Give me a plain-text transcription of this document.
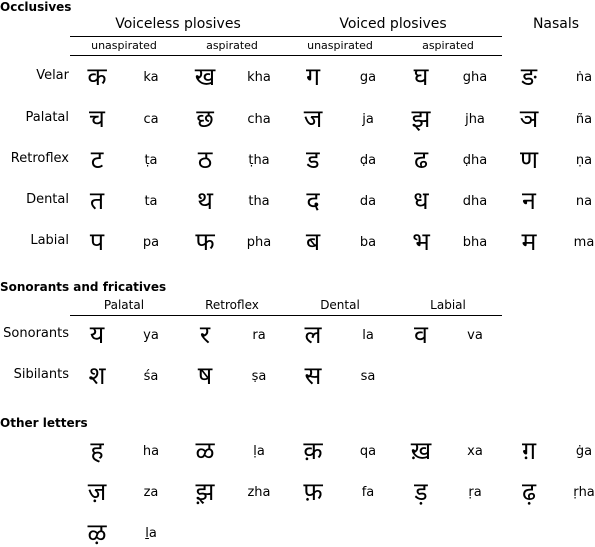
Occlusives
Voiceless plosives	Voiced plosives	Nasals
unaspirated	aspirated	unaspirated	aspirated
Velar क	ka	ख	kha	ग	ga	घ	gha	ङ	ṅa
Palatal च	ca	छ	cha	ज	ja	झ	jha	ञ	ña
Retroflex ट	ṭa	ठ	ṭha	ड	ḍa	ढ	ḍha	ण	ṇa
Dental त	ta	थ	tha	द	da	ध	dha	न	na
Labial प	pa	फ	pha	ब	ba	भ	bha	म	ma
Sonorants and fricatives
Palatal	Retroflex	Dental	Labial
Sonorants य	ya	र	ra	ल	la	व	va
Sibilants श	śa	ष	ṣa	स	sa
Other letters
ह	ha	ळ	ḷa	क़	qa	ख़	xa	ग़	ġa
ज़	za	झ़	zha	फ़	fa	ड़	ṛa	ढ़	ṛha
ऴ	ḻa
